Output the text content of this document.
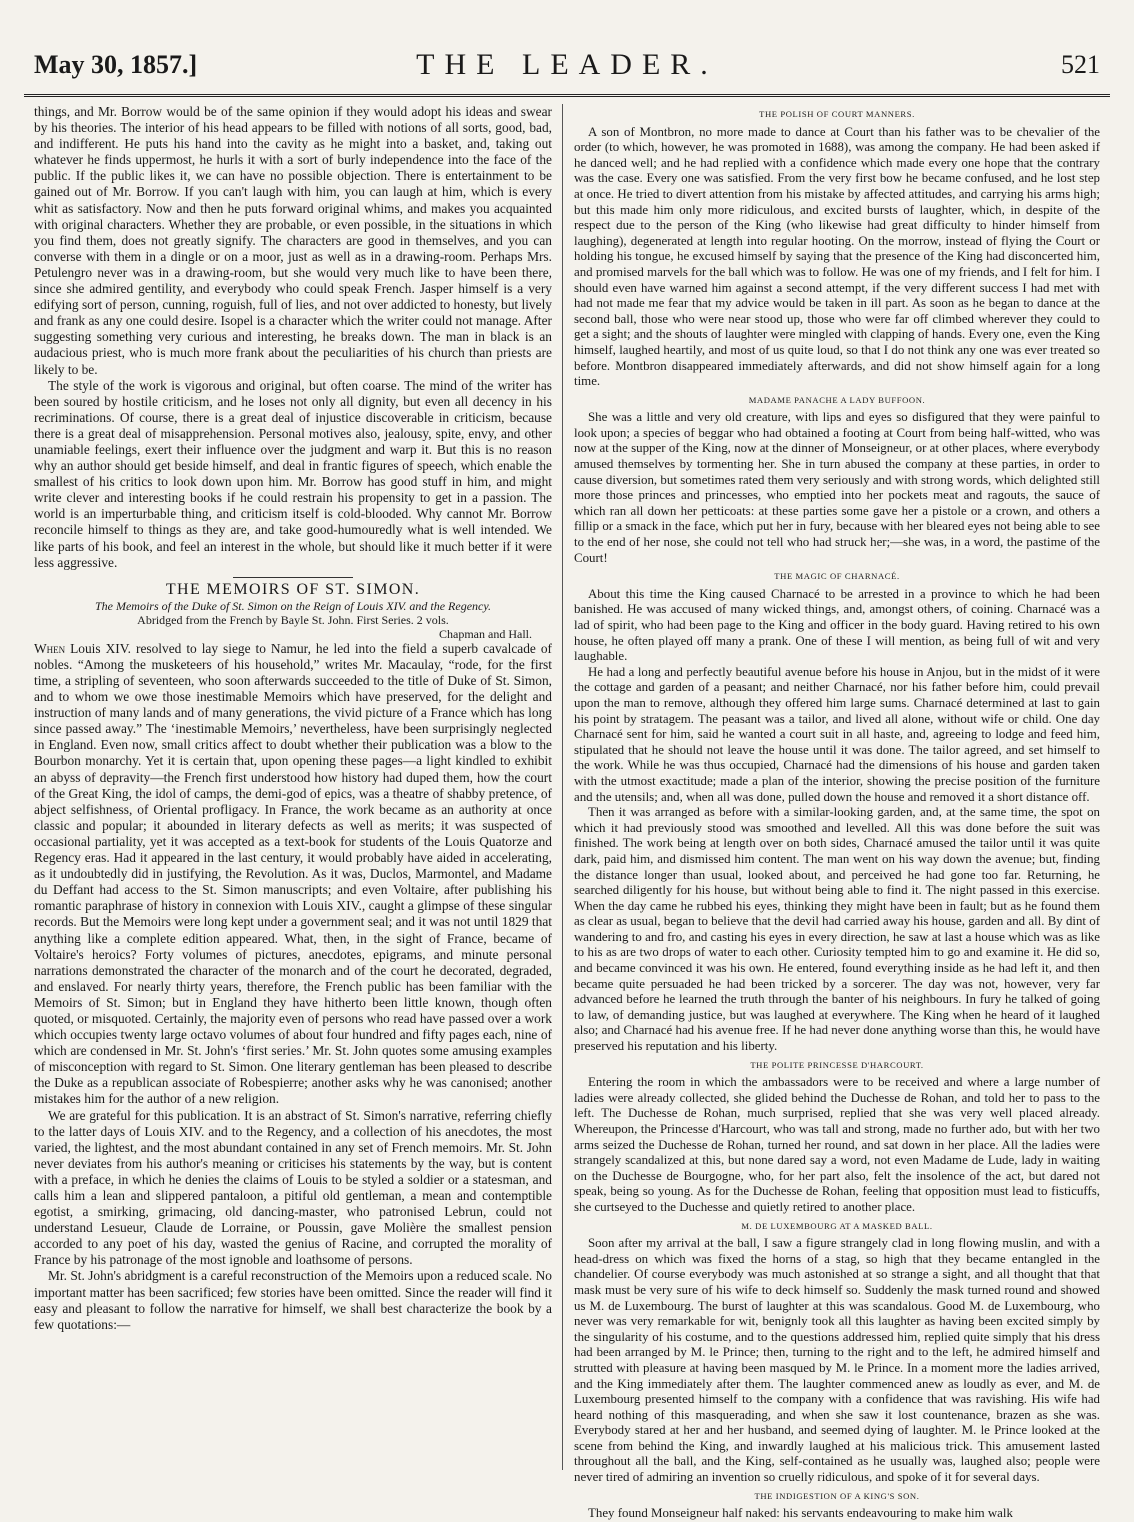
May 30, 1857.]	THE LEADER.	521

things, and Mr. Borrow would be of the same opinion if they would adopt his ideas and swear by his theories. The interior of his head appears to be filled with notions of all sorts, good, bad, and indifferent. He puts his hand into the cavity as he might into a basket, and, taking out whatever he finds uppermost, he hurls it with a sort of burly independence into the face of the public. If the public likes it, we can have no possible objection. There is entertainment to be gained out of Mr. Borrow. If you can't laugh with him, you can laugh at him, which is every whit as satisfactory. Now and then he puts forward original whims, and makes you acquainted with original characters. Whether they are probable, or even possible, in the situations in which you find them, does not greatly signify. The characters are good in themselves, and you can converse with them in a dingle or on a moor, just as well as in a drawing-room. Perhaps Mrs. Petulengro never was in a drawing-room, but she would very much like to have been there, since she admired gentility, and everybody who could speak French. Jasper himself is a very edifying sort of person, cunning, roguish, full of lies, and not over addicted to honesty, but lively and frank as any one could desire. Isopel is a character which the writer could not manage. After suggesting something very curious and interesting, he breaks down. The man in black is an audacious priest, who is much more frank about the peculiarities of his church than priests are likely to be.

The style of the work is vigorous and original, but often coarse. The mind of the writer has been soured by hostile criticism, and he loses not only all dignity, but even all decency in his recriminations. Of course, there is a great deal of injustice discoverable in criticism, because there is a great deal of misapprehension. Personal motives also, jealousy, spite, envy, and other unamiable feelings, exert their influence over the judgment and warp it. But this is no reason why an author should get beside himself, and deal in frantic figures of speech, which enable the smallest of his critics to look down upon him. Mr. Borrow has good stuff in him, and might write clever and interesting books if he could restrain his propensity to get in a passion. The world is an imperturbable thing, and criticism itself is cold-blooded. Why cannot Mr. Borrow reconcile himself to things as they are, and take good-humouredly what is well intended. We like parts of his book, and feel an interest in the whole, but should like it much better if it were less aggressive.

THE MEMOIRS OF ST. SIMON.
The Memoirs of the Duke of St. Simon on the Reign of Louis XIV. and the Regency.
Abridged from the French by Bayle St. John. First Series. 2 vols.
Chapman and Hall.

When Louis XIV. resolved to lay siege to Namur, he led into the field a superb cavalcade of nobles. “Among the musketeers of his household,” writes Mr. Macaulay, “rode, for the first time, a stripling of seventeen, who soon afterwards succeeded to the title of Duke of St. Simon, and to whom we owe those inestimable Memoirs which have preserved, for the delight and instruction of many lands and of many generations, the vivid picture of a France which has long since passed away.” The ‘inestimable Memoirs,’ nevertheless, have been surprisingly neglected in England. Even now, small critics affect to doubt whether their publication was a blow to the Bourbon monarchy. Yet it is certain that, upon opening these pages—a light kindled to exhibit an abyss of depravity—the French first understood how history had duped them, how the court of the Great King, the idol of camps, the demi-god of epics, was a theatre of shabby pretence, of abject selfishness, of Oriental profligacy. In France, the work became as an authority at once classic and popular; it abounded in literary defects as well as merits; it was suspected of occasional partiality, yet it was accepted as a text-book for students of the Louis Quatorze and Regency eras. Had it appeared in the last century, it would probably have aided in accelerating, as it undoubtedly did in justifying, the Revolution. As it was, Duclos, Marmontel, and Madame du Deffant had access to the St. Simon manuscripts; and even Voltaire, after publishing his romantic paraphrase of history in connexion with Louis XIV., caught a glimpse of these singular records. But the Memoirs were long kept under a government seal; and it was not until 1829 that anything like a complete edition appeared. What, then, in the sight of France, became of Voltaire's heroics? Forty volumes of pictures, anecdotes, epigrams, and minute personal narrations demonstrated the character of the monarch and of the court he decorated, degraded, and enslaved. For nearly thirty years, therefore, the French public has been familiar with the Memoirs of St. Simon; but in England they have hitherto been little known, though often quoted, or misquoted. Certainly, the majority even of persons who read have passed over a work which occupies twenty large octavo volumes of about four hundred and fifty pages each, nine of which are condensed in Mr. St. John's ‘first series.’ Mr. St. John quotes some amusing examples of misconception with regard to St. Simon. One literary gentleman has been pleased to describe the Duke as a republican associate of Robespierre; another asks why he was canonised; another mistakes him for the author of a new religion.

We are grateful for this publication. It is an abstract of St. Simon's narrative, referring chiefly to the latter days of Louis XIV. and to the Regency, and a collection of his anecdotes, the most varied, the lightest, and the most abundant contained in any set of French memoirs. Mr. St. John never deviates from his author's meaning or criticises his statements by the way, but is content with a preface, in which he denies the claims of Louis to be styled a soldier or a statesman, and calls him a lean and slippered pantaloon, a pitiful old gentleman, a mean and contemptible egotist, a smirking, grimacing, old dancing-master, who patronised Lebrun, could not understand Lesueur, Claude de Lorraine, or Poussin, gave Molière the smallest pension accorded to any poet of his day, wasted the genius of Racine, and corrupted the morality of France by his patronage of the most ignoble and loathsome of persons.

Mr. St. John's abridgment is a careful reconstruction of the Memoirs upon a reduced scale. No important matter has been sacrificed; few stories have been omitted. Since the reader will find it easy and pleasant to follow the narrative for himself, we shall best characterize the book by a few quotations:—

THE POLISH OF COURT MANNERS.

A son of Montbron, no more made to dance at Court than his father was to be chevalier of the order (to which, however, he was promoted in 1688), was among the company. He had been asked if he danced well; and he had replied with a confidence which made every one hope that the contrary was the case. Every one was satisfied. From the very first bow he became confused, and he lost step at once. He tried to divert attention from his mistake by affected attitudes, and carrying his arms high; but this made him only more ridiculous, and excited bursts of laughter, which, in despite of the respect due to the person of the King (who likewise had great difficulty to hinder himself from laughing), degenerated at length into regular hooting. On the morrow, instead of flying the Court or holding his tongue, he excused himself by saying that the presence of the King had disconcerted him, and promised marvels for the ball which was to follow. He was one of my friends, and I felt for him. I should even have warned him against a second attempt, if the very different success I had met with had not made me fear that my advice would be taken in ill part. As soon as he began to dance at the second ball, those who were near stood up, those who were far off climbed wherever they could to get a sight; and the shouts of laughter were mingled with clapping of hands. Every one, even the King himself, laughed heartily, and most of us quite loud, so that I do not think any one was ever treated so before. Montbron disappeared immediately afterwards, and did not show himself again for a long time.

MADAME PANACHE A LADY BUFFOON.

She was a little and very old creature, with lips and eyes so disfigured that they were painful to look upon; a species of beggar who had obtained a footing at Court from being half-witted, who was now at the supper of the King, now at the dinner of Monseigneur, or at other places, where everybody amused themselves by tormenting her. She in turn abused the company at these parties, in order to cause diversion, but sometimes rated them very seriously and with strong words, which delighted still more those princes and princesses, who emptied into her pockets meat and ragouts, the sauce of which ran all down her petticoats: at these parties some gave her a pistole or a crown, and others a fillip or a smack in the face, which put her in fury, because with her bleared eyes not being able to see to the end of her nose, she could not tell who had struck her;—she was, in a word, the pastime of the Court!

THE MAGIC OF CHARNACÉ.

About this time the King caused Charnacé to be arrested in a province to which he had been banished. He was accused of many wicked things, and, amongst others, of coining. Charnacé was a lad of spirit, who had been page to the King and officer in the body guard. Having retired to his own house, he often played off many a prank. One of these I will mention, as being full of wit and very laughable.

He had a long and perfectly beautiful avenue before his house in Anjou, but in the midst of it were the cottage and garden of a peasant; and neither Charnacé, nor his father before him, could prevail upon the man to remove, although they offered him large sums. Charnacé determined at last to gain his point by stratagem. The peasant was a tailor, and lived all alone, without wife or child. One day Charnacé sent for him, said he wanted a court suit in all haste, and, agreeing to lodge and feed him, stipulated that he should not leave the house until it was done. The tailor agreed, and set himself to the work. While he was thus occupied, Charnacé had the dimensions of his house and garden taken with the utmost exactitude; made a plan of the interior, showing the precise position of the furniture and the utensils; and, when all was done, pulled down the house and removed it a short distance off.

Then it was arranged as before with a similar-looking garden, and, at the same time, the spot on which it had previously stood was smoothed and levelled. All this was done before the suit was finished. The work being at length over on both sides, Charnacé amused the tailor until it was quite dark, paid him, and dismissed him content. The man went on his way down the avenue; but, finding the distance longer than usual, looked about, and perceived he had gone too far. Returning, he searched diligently for his house, but without being able to find it. The night passed in this exercise. When the day came he rubbed his eyes, thinking they might have been in fault; but as he found them as clear as usual, began to believe that the devil had carried away his house, garden and all. By dint of wandering to and fro, and casting his eyes in every direction, he saw at last a house which was as like to his as are two drops of water to each other. Curiosity tempted him to go and examine it. He did so, and became convinced it was his own. He entered, found everything inside as he had left it, and then became quite persuaded he had been tricked by a sorcerer. The day was not, however, very far advanced before he learned the truth through the banter of his neighbours. In fury he talked of going to law, of demanding justice, but was laughed at everywhere. The King when he heard of it laughed also; and Charnacé had his avenue free. If he had never done anything worse than this, he would have preserved his reputation and his liberty.

THE POLITE PRINCESSE D'HARCOURT.

Entering the room in which the ambassadors were to be received and where a large number of ladies were already collected, she glided behind the Duchesse de Rohan, and told her to pass to the left. The Duchesse de Rohan, much surprised, replied that she was very well placed already. Whereupon, the Princesse d'Harcourt, who was tall and strong, made no further ado, but with her two arms seized the Duchesse de Rohan, turned her round, and sat down in her place. All the ladies were strangely scandalized at this, but none dared say a word, not even Madame de Lude, lady in waiting on the Duchesse de Bourgogne, who, for her part also, felt the insolence of the act, but dared not speak, being so young. As for the Duchesse de Rohan, feeling that opposition must lead to fisticuffs, she curtseyed to the Duchesse and quietly retired to another place.

M. DE LUXEMBOURG AT A MASKED BALL.

Soon after my arrival at the ball, I saw a figure strangely clad in long flowing muslin, and with a head-dress on which was fixed the horns of a stag, so high that they became entangled in the chandelier. Of course everybody was much astonished at so strange a sight, and all thought that that mask must be very sure of his wife to deck himself so. Suddenly the mask turned round and showed us M. de Luxembourg. The burst of laughter at this was scandalous. Good M. de Luxembourg, who never was very remarkable for wit, benignly took all this laughter as having been excited simply by the singularity of his costume, and to the questions addressed him, replied quite simply that his dress had been arranged by M. le Prince; then, turning to the right and to the left, he admired himself and strutted with pleasure at having been masqued by M. le Prince. In a moment more the ladies arrived, and the King immediately after them. The laughter commenced anew as loudly as ever, and M. de Luxembourg presented himself to the company with a confidence that was ravishing. His wife had heard nothing of this masquerading, and when she saw it lost countenance, brazen as she was. Everybody stared at her and her husband, and seemed dying of laughter. M. le Prince looked at the scene from behind the King, and inwardly laughed at his malicious trick. This amusement lasted throughout all the ball, and the King, self-contained as he usually was, laughed also; people were never tired of admiring an invention so cruelly ridiculous, and spoke of it for several days.

THE INDIGESTION OF A KING'S SON.

They found Monseigneur half naked: his servants endeavouring to make him walk
